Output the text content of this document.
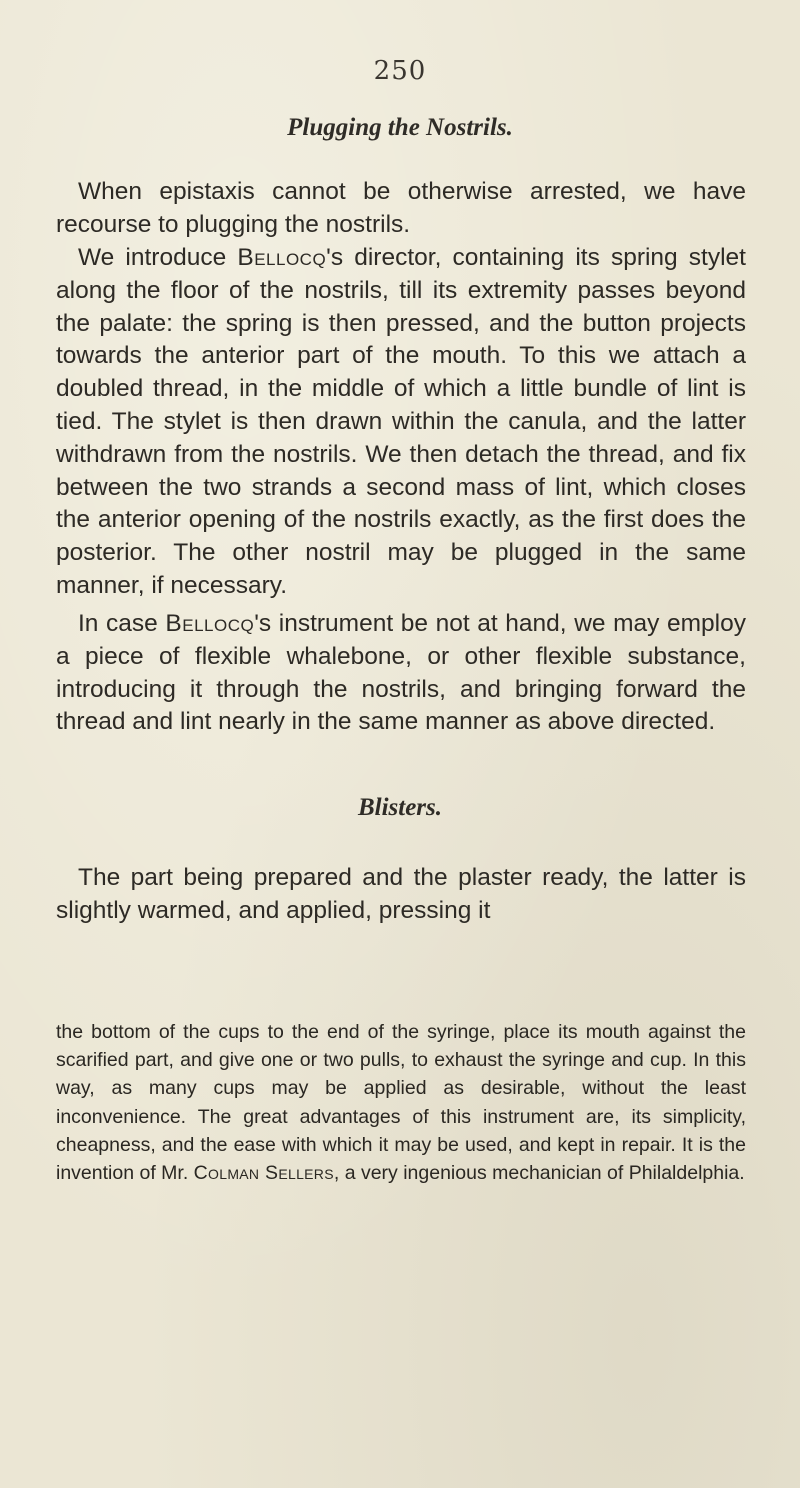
250
Plugging the Nostrils.

When epistaxis cannot be otherwise arrested, we have recourse to plugging the nostrils.

We introduce Bellocq's director, containing its spring stylet along the floor of the nostrils, till its extremity passes beyond the palate: the spring is then pressed, and the button projects towards the anterior part of the mouth. To this we attach a doubled thread, in the middle of which a little bundle of lint is tied. The stylet is then drawn within the canula, and the latter withdrawn from the nostrils. We then detach the thread, and fix between the two strands a second mass of lint, which closes the anterior opening of the nostrils exactly, as the first does the posterior. The other nostril may be plugged in the same manner, if necessary.

In case Bellocq's instrument be not at hand, we may employ a piece of flexible whalebone, or other flexible substance, introducing it through the nostrils, and bringing forward the thread and lint nearly in the same manner as above directed.

Blisters.

The part being prepared and the plaster ready, the latter is slightly warmed, and applied, pressing it

the bottom of the cups to the end of the syringe, place its mouth against the scarified part, and give one or two pulls, to exhaust the syringe and cup. In this way, as many cups may be applied as desirable, without the least inconvenience. The great advantages of this instrument are, its simplicity, cheapness, and the ease with which it may be used, and kept in repair. It is the invention of Mr. Colman Sellers, a very ingenious mechanician of Philaldelphia.
